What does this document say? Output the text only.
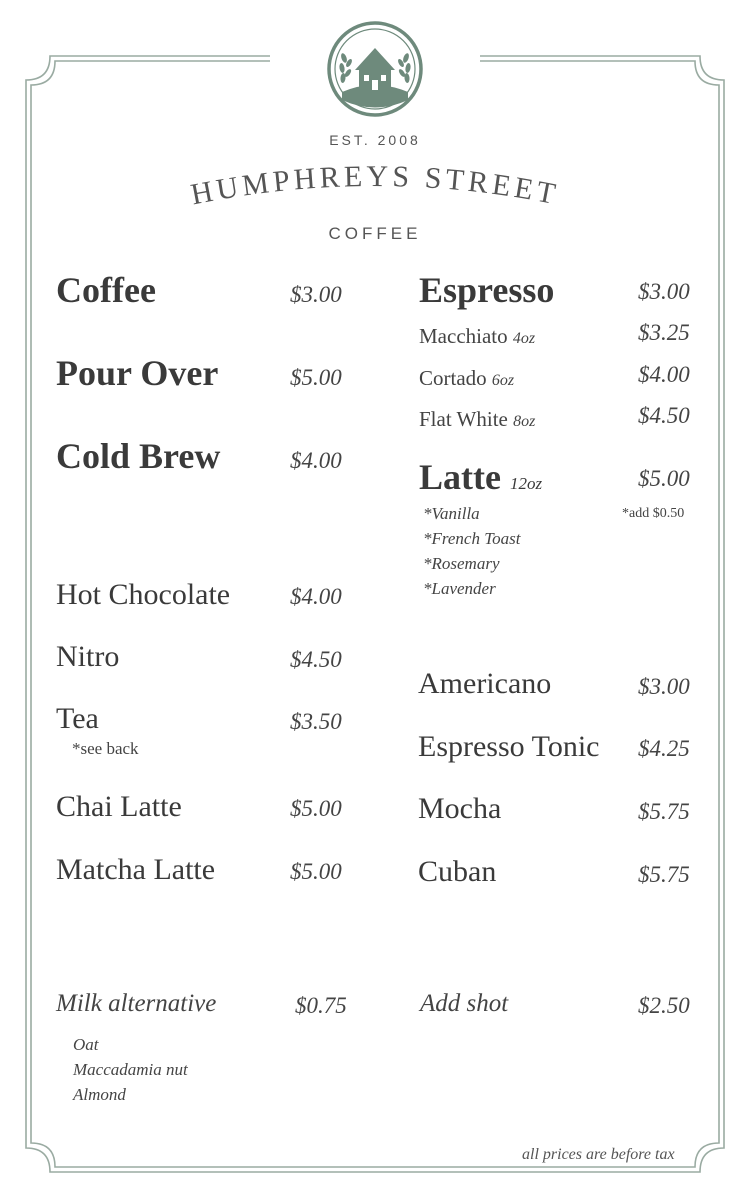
EST. 2008
HUMPHREYS STREET
COFFEE
Coffee	$3.00
Pour Over	$5.00
Cold Brew	$4.00
Hot Chocolate	$4.00
Nitro	$4.50
Tea	$3.50
*see back
Chai Latte	$5.00
Matcha Latte	$5.00
Milk alternative	$0.75
Oat
Maccadamia nut
Almond
Espresso	$3.00
Macchiato 4oz	$3.25
Cortado 6oz	$4.00
Flat White 8oz	$4.50
Latte 12oz	$5.00
*add $0.50
*Vanilla
*French Toast
*Rosemary
*Lavender
Americano	$3.00
Espresso Tonic $4.25
Mocha	$5.75
Cuban	$5.75
Add shot	$2.50
all prices are before tax
